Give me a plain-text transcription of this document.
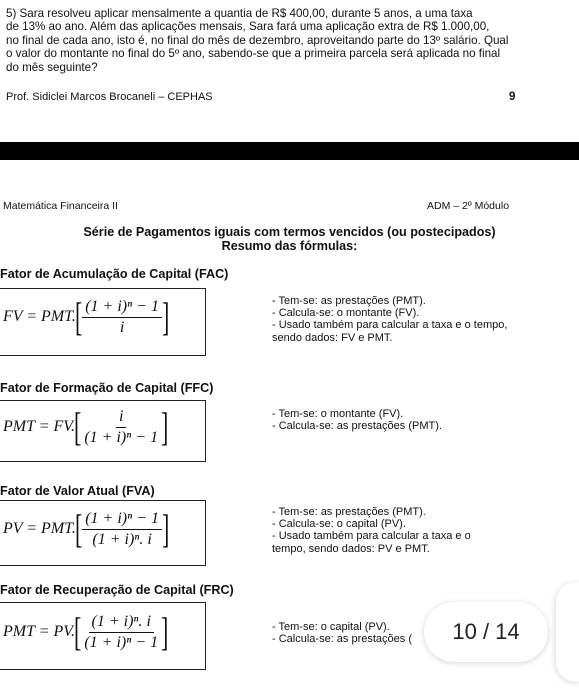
5) Sara resolveu aplicar mensalmente a quantia de R$ 400,00, durante 5 anos, a uma taxa
de 13% ao ano. Além das aplicações mensais, Sara fará uma aplicação extra de R$ 1.000,00,
no final de cada ano, isto é, no final do mês de dezembro, aproveitando parte do 13º salário. Qual
o valor do montante no final do 5º ano, sabendo-se que a primeira parcela será aplicada no final
do mês seguinte?
Prof. Sidiclei Marcos Brocaneli – CEPHAS	9
Matemática Financeira II	ADM – 2º Módulo
Série de Pagamentos iguais com termos vencidos (ou postecipados)
Resumo das fórmulas:
Fator de Acumulação de Capital (FAC)
FV = PMT.
[ $\frac{\text{(1 + i)ⁿ − 1}}{i}$ ]	- Tem-se: as prestações (PMT).
- Calcula-se: o montante (FV).
- Usado também para calcular a taxa e o tempo,
sendo dados: FV e PMT.
Fator de Formação de Capital (FFC)
PMT = FV.
[ $\frac{i}{\text{(1 + i)ⁿ − 1}}$ ]	- Tem-se: o montante (FV).
- Calcula-se: as prestações (PMT).
Fator de Valor Atual (FVA)
PV = PMT.
[ $\frac{\text{(1 + i)ⁿ − 1}}{\text{(1 + i)ⁿ. i}}$ ]	- Tem-se: as prestações (PMT).
- Calcula-se: o capital (PV).
- Usado também para calcular a taxa e o
tempo, sendo dados: PV e PMT.
Fator de Recuperação de Capital (FRC)
PMT = PV.
[ $\frac{\text{(1 + i)ⁿ. i}}{\text{(1 + i)ⁿ − 1}}$ ]	- Tem-se: o capital (PV).
- Calcula-se: as prestações (	10 / 14
